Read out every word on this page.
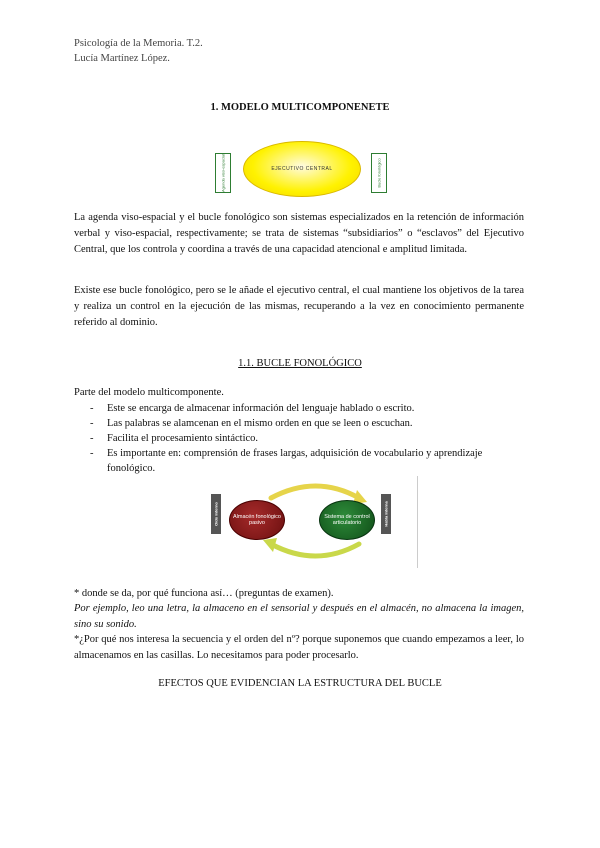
Psicología de la Memoria. T.2.
Lucía Martínez López.
1. MODELO MULTICOMPONENETE
Agenda viso-espacial	EJECUTIVO CENTRAL	Bucle fonológico
La agenda viso-espacial y el bucle fonológico son sistemas especializados en la retención de información verbal y viso-espacial, respectivamente; se trata de sistemas “subsidiarios” o “esclavos” del Ejecutivo Central, que los controla y coordina a través de una capacidad atencional e amplitud limitada.
Existe ese bucle fonológico, pero se le añade el ejecutivo central, el cual mantiene los objetivos de la tarea y realiza un control en la ejecución de las mismas, recuperando a la vez en conocimiento permanente referido al dominio.
1.1. BUCLE FONOLÓGICO
Parte del modelo multicomponente.
- Este se encarga de almacenar información del lenguaje hablado o escrito.
- Las palabras se alamcenan en el mismo orden en que se leen o escuchan.
- Facilita el procesamiento sintáctico.
- Es importante en: comprensión de frases largas, adquisición de vocabulario y aprendizaje fonológico.
Oído interno	Almacén fonológico pasivo
Sistema de control articulatorio	Habla interna
* donde se da, por qué funciona así… (preguntas de examen).
Por ejemplo, leo una letra, la almaceno en el sensorial y después en el almacén, no almacena la imagen, sino su sonido.
*¿Por qué nos interesa la secuencia y el orden del nº? porque suponemos que cuando empezamos a leer, lo almacenamos en las casillas. Lo necesitamos para poder procesarlo.
EFECTOS QUE EVIDENCIAN LA ESTRUCTURA DEL BUCLE
